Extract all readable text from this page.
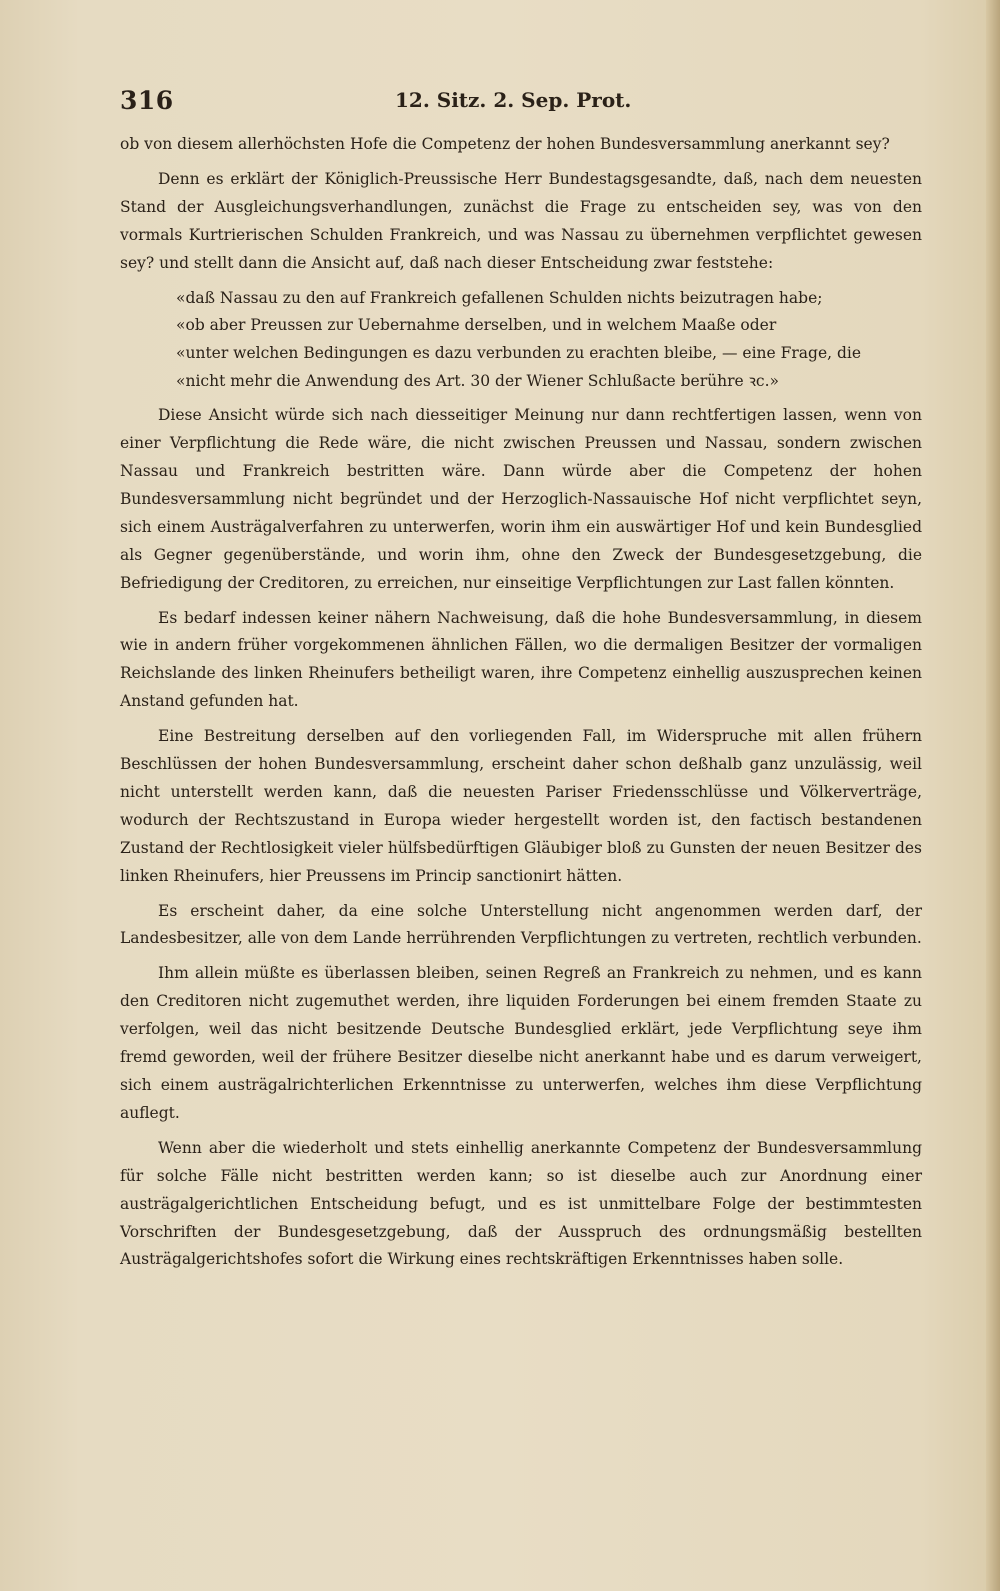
316	12. Sitz. 2. Sep. Prot.

ob von diesem allerhöchsten Hofe die Competenz der hohen Bundesversammlung anerkannt sey?

Denn es erklärt der Königlich-Preussische Herr Bundestagsgesandte, daß, nach dem neuesten Stand der Ausgleichungsverhandlungen, zunächst die Frage zu entscheiden sey, was von den vormals Kurtrierischen Schulden Frankreich, und was Nassau zu übernehmen verpflichtet gewesen sey? und stellt dann die Ansicht auf, daß nach dieser Entscheidung zwar feststehe:

«daß Nassau zu den auf Frankreich gefallenen Schulden nichts beizutragen habe;

«ob aber Preussen zur Uebernahme derselben, und in welchem Maaße oder

«unter welchen Bedingungen es dazu verbunden zu erachten bleibe, — eine Frage, die

«nicht mehr die Anwendung des Art. 30 der Wiener Schlußacte berühre ꝛc.»

Diese Ansicht würde sich nach diesseitiger Meinung nur dann rechtfertigen lassen, wenn von einer Verpflichtung die Rede wäre, die nicht zwischen Preussen und Nassau, sondern zwischen Nassau und Frankreich bestritten wäre. Dann würde aber die Competenz der hohen Bundesversammlung nicht begründet und der Herzoglich-Nassauische Hof nicht verpflichtet seyn, sich einem Austrägalverfahren zu unterwerfen, worin ihm ein auswärtiger Hof und kein Bundesglied als Gegner gegenüberstände, und worin ihm, ohne den Zweck der Bundesgesetzgebung, die Befriedigung der Creditoren, zu erreichen, nur einseitige Verpflichtungen zur Last fallen könnten.

Es bedarf indessen keiner nähern Nachweisung, daß die hohe Bundesversammlung, in diesem wie in andern früher vorgekommenen ähnlichen Fällen, wo die dermaligen Besitzer der vormaligen Reichslande des linken Rheinufers betheiligt waren, ihre Competenz einhellig auszusprechen keinen Anstand gefunden hat.

Eine Bestreitung derselben auf den vorliegenden Fall, im Widerspruche mit allen frühern Beschlüssen der hohen Bundesversammlung, erscheint daher schon deßhalb ganz unzulässig, weil nicht unterstellt werden kann, daß die neuesten Pariser Friedensschlüsse und Völkerverträge, wodurch der Rechtszustand in Europa wieder hergestellt worden ist, den factisch bestandenen Zustand der Rechtlosigkeit vieler hülfsbedürftigen Gläubiger bloß zu Gunsten der neuen Besitzer des linken Rheinufers, hier Preussens im Princip sanctionirt hätten.

Es erscheint daher, da eine solche Unterstellung nicht angenommen werden darf, der Landesbesitzer, alle von dem Lande herrührenden Verpflichtungen zu vertreten, rechtlich verbunden.

Ihm allein müßte es überlassen bleiben, seinen Regreß an Frankreich zu nehmen, und es kann den Creditoren nicht zugemuthet werden, ihre liquiden Forderungen bei einem fremden Staate zu verfolgen, weil das nicht besitzende Deutsche Bundesglied erklärt, jede Verpflichtung seye ihm fremd geworden, weil der frühere Besitzer dieselbe nicht anerkannt habe und es darum verweigert, sich einem austrägalrichterlichen Erkenntnisse zu unterwerfen, welches ihm diese Verpflichtung auflegt.

Wenn aber die wiederholt und stets einhellig anerkannte Competenz der Bundesversammlung für solche Fälle nicht bestritten werden kann; so ist dieselbe auch zur Anordnung einer austrägalgerichtlichen Entscheidung befugt, und es ist unmittelbare Folge der bestimmtesten Vorschriften der Bundesgesetzgebung, daß der Ausspruch des ordnungsmäßig bestellten Austrägalgerichtshofes sofort die Wirkung eines rechtskräftigen Erkenntnisses haben solle.
